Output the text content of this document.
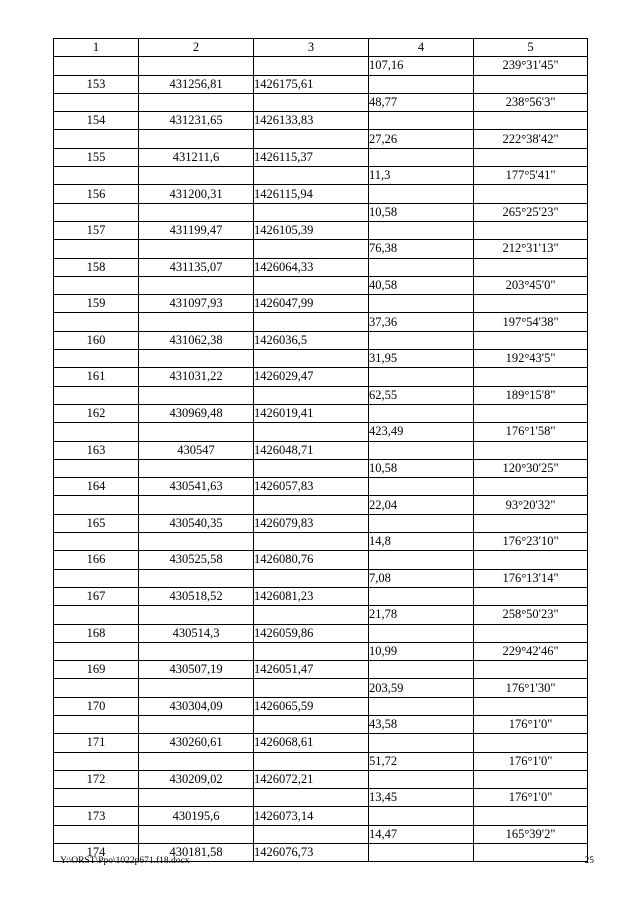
1	2	3	4	5
			107,16	239°31'45"
153	431256,81	1426175,61		
			48,77	238°56'3"
154	431231,65	1426133,83		
			27,26	222°38'42"
155	431211,6	1426115,37		
			11,3	177°5'41"
156	431200,31	1426115,94		
			10,58	265°25'23"
157	431199,47	1426105,39		
			76,38	212°31'13"
158	431135,07	1426064,33		
			40,58	203°45'0"
159	431097,93	1426047,99		
			37,36	197°54'38"
160	431062,38	1426036,5		
			31,95	192°43'5"
161	431031,22	1426029,47		
			62,55	189°15'8"
162	430969,48	1426019,41		
			423,49	176°1'58"
163	430547	1426048,71		
			10,58	120°30'25"
164	430541,63	1426057,83		
			22,04	93°20'32"
165	430540,35	1426079,83		
			14,8	176°23'10"
166	430525,58	1426080,76		
			7,08	176°13'14"
167	430518,52	1426081,23		
			21,78	258°50'23"
168	430514,3	1426059,86		
			10,99	229°42'46"
169	430507,19	1426051,47		
			203,59	176°1'30"
170	430304,09	1426065,59		
			43,58	176°1'0"
171	430260,61	1426068,61		
			51,72	176°1'0"
172	430209,02	1426072,21		
			13,45	176°1'0"
173	430195,6	1426073,14		
			14,47	165°39'2"
174	430181,58	1426076,73		
Y:\ORST\Ppo\1022p671.f18.docx	25
